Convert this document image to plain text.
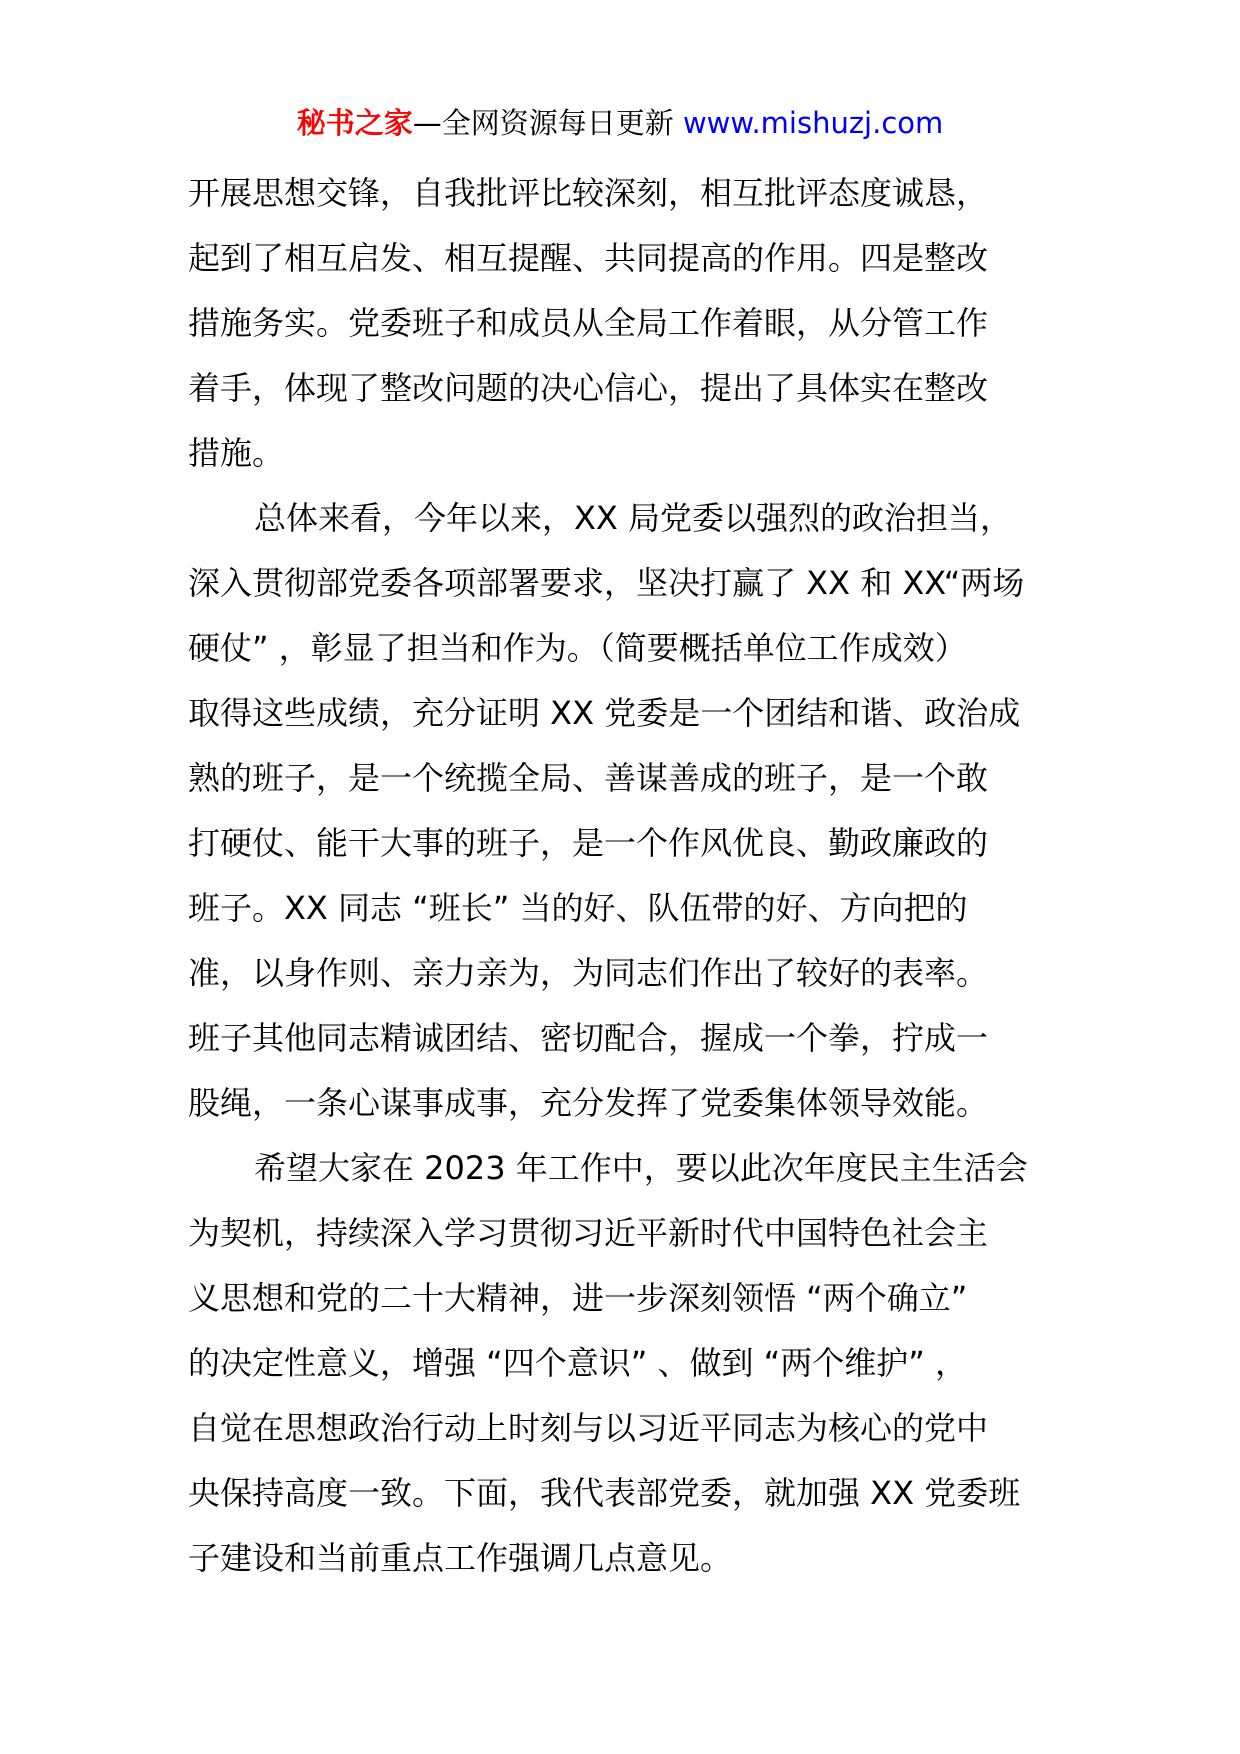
秘书之家—全网资源每日更新 www.mishuzj.com
开展思想交锋，自我批评比较深刻，相互批评态度诚恳，
起到了相互启发、相互提醒、共同提高的作用。四是整改
措施务实。党委班子和成员从全局工作着眼，从分管工作
着手，体现了整改问题的决心信心，提出了具体实在整改
措施。
总体来看，今年以来，XX 局党委以强烈的政治担当，
深入贯彻部党委各项部署要求，坚决打赢了 XX 和 XX“两场
硬仗” ，彰显了担当和作为。（简要概括单位工作成效）
取得这些成绩，充分证明 XX 党委是一个团结和谐、政治成
熟的班子，是一个统揽全局、善谋善成的班子，是一个敢
打硬仗、能干大事的班子，是一个作风优良、勤政廉政的
班子。XX 同志 “班长” 当的好、队伍带的好、方向把的
准，以身作则、亲力亲为，为同志们作出了较好的表率。
班子其他同志精诚团结、密切配合，握成一个拳，拧成一
股绳，一条心谋事成事，充分发挥了党委集体领导效能。
希望大家在 2023 年工作中，要以此次年度民主生活会
为契机，持续深入学习贯彻习近平新时代中国特色社会主
义思想和党的二十大精神，进一步深刻领悟 “两个确立”
的决定性意义，增强 “四个意识” 、做到 “两个维护” ，
自觉在思想政治行动上时刻与以习近平同志为核心的党中
央保持高度一致。下面，我代表部党委，就加强 XX 党委班
子建设和当前重点工作强调几点意见。
